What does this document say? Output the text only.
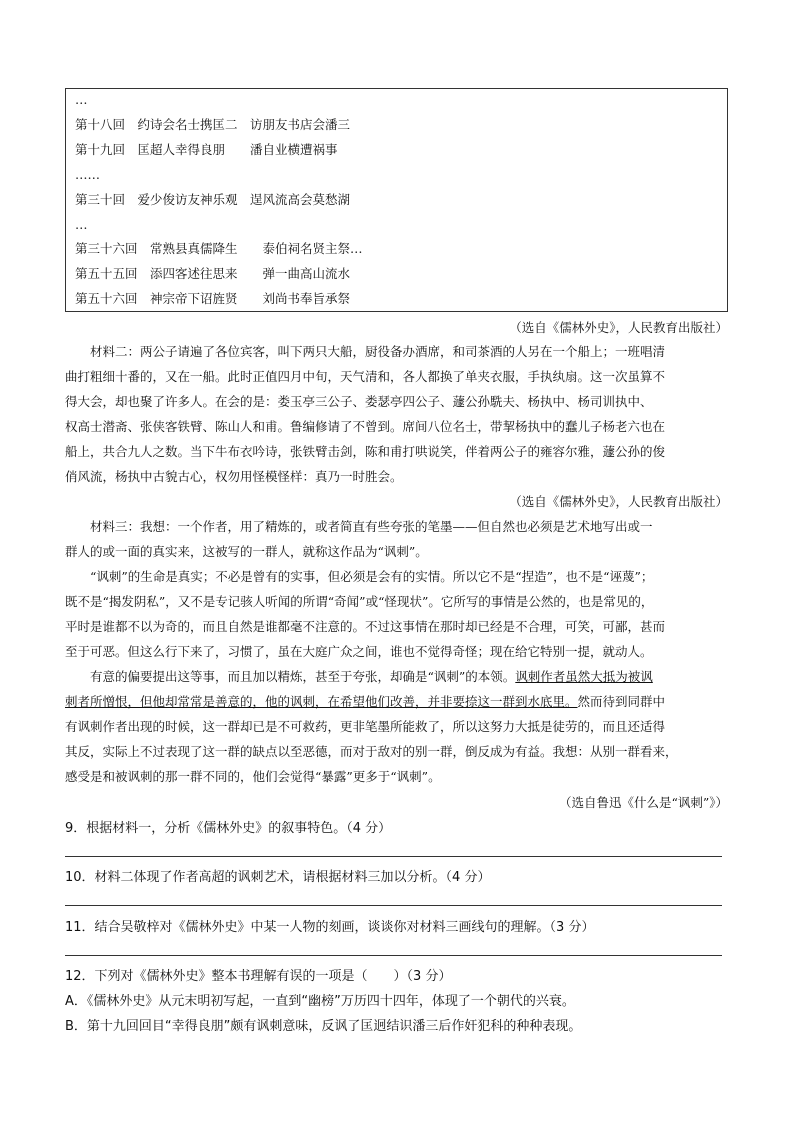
…
第十八回　约诗会名士携匡二　访朋友书店会潘三
第十九回　匡超人幸得良朋　　潘自业横遭祸事
……
第三十回　爱少俊访友神乐观　逞风流高会莫愁湖
…
第三十六回　常熟县真儒降生　　泰伯祠名贤主祭…
第五十五回　添四客述往思来　　弹一曲高山流水
第五十六回　神宗帝下诏旌贤　　刘尚书奉旨承祭
（选自《儒林外史》，人民教育出版社）
　　材料二：两公子请遍了各位宾客，叫下两只大船，厨役备办酒席，和司茶酒的人另在一个船上；一班唱清
曲打粗细十番的，又在一船。此时正值四月中旬，天气清和，各人都换了单夹衣服，手执纨扇。这一次虽算不
得大会，却也聚了许多人。在会的是：娄玉亭三公子、娄瑟亭四公子、蘧公孙駪夫、杨执中、杨司训执中、
权高士潜斋、张侠客铁臂、陈山人和甫。鲁编修请了不曾到。席间八位名士，带挈杨执中的蠢儿子杨老六也在
船上，共合九人之数。当下牛布衣吟诗，张铁臂击剑，陈和甫打哄说笑，伴着两公子的雍容尔雅，蘧公孙的俊
俏风流，杨执中古貌古心，权勿用怪模怪样：真乃一时胜会。
（选自《儒林外史》，人民教育出版社）
　　材料三：我想：一个作者，用了精炼的，或者简直有些夸张的笔墨——但自然也必须是艺术地写出或一
群人的或一面的真实来，这被写的一群人，就称这作品为“讽刺”。
　　“讽刺”的生命是真实；不必是曾有的实事，但必须是会有的实情。所以它不是“捏造”，也不是“诬蔑”；
既不是“揭发阴私”，又不是专记骇人听闻的所谓“奇闻”或“怪现状”。它所写的事情是公然的，也是常见的，
平时是谁都不以为奇的，而且自然是谁都毫不注意的。不过这事情在那时却已经是不合理，可笑，可鄙，甚而
至于可恶。但这么行下来了，习惯了，虽在大庭广众之间，谁也不觉得奇怪；现在给它特别一提，就动人。
　　有意的偏要提出这等事，而且加以精炼，甚至于夸张，却确是“讽刺”的本领。讽刺作者虽然大抵为被讽
刺者所憎恨，但他却常常是善意的，他的讽刺，在希望他们改善，并非要捺这一群到水底里。然而待到同群中
有讽刺作者出现的时候，这一群却已是不可救药，更非笔墨所能救了，所以这努力大抵是徒劳的，而且还适得
其反，实际上不过表现了这一群的缺点以至恶德，而对于敌对的别一群，倒反成为有益。我想：从别一群看来，
感受是和被讽刺的那一群不同的，他们会觉得“暴露”更多于“讽刺”。
（选自鲁迅《什么是“讽刺”》）
9．根据材料一，分析《儒林外史》的叙事特色。（4 分）
10．材料二体现了作者高超的讽刺艺术，请根据材料三加以分析。（4 分）
11．结合吴敬梓对《儒林外史》中某一人物的刻画，谈谈你对材料三画线句的理解。（3 分）
12．下列对《儒林外史》整本书理解有误的一项是（　　）（3 分）
A．《儒林外史》从元末明初写起，一直到“幽榜”万历四十四年，体现了一个朝代的兴衰。
B．第十九回回目“幸得良朋”颇有讽刺意味，反讽了匡迥结识潘三后作奸犯科的种种表现。
